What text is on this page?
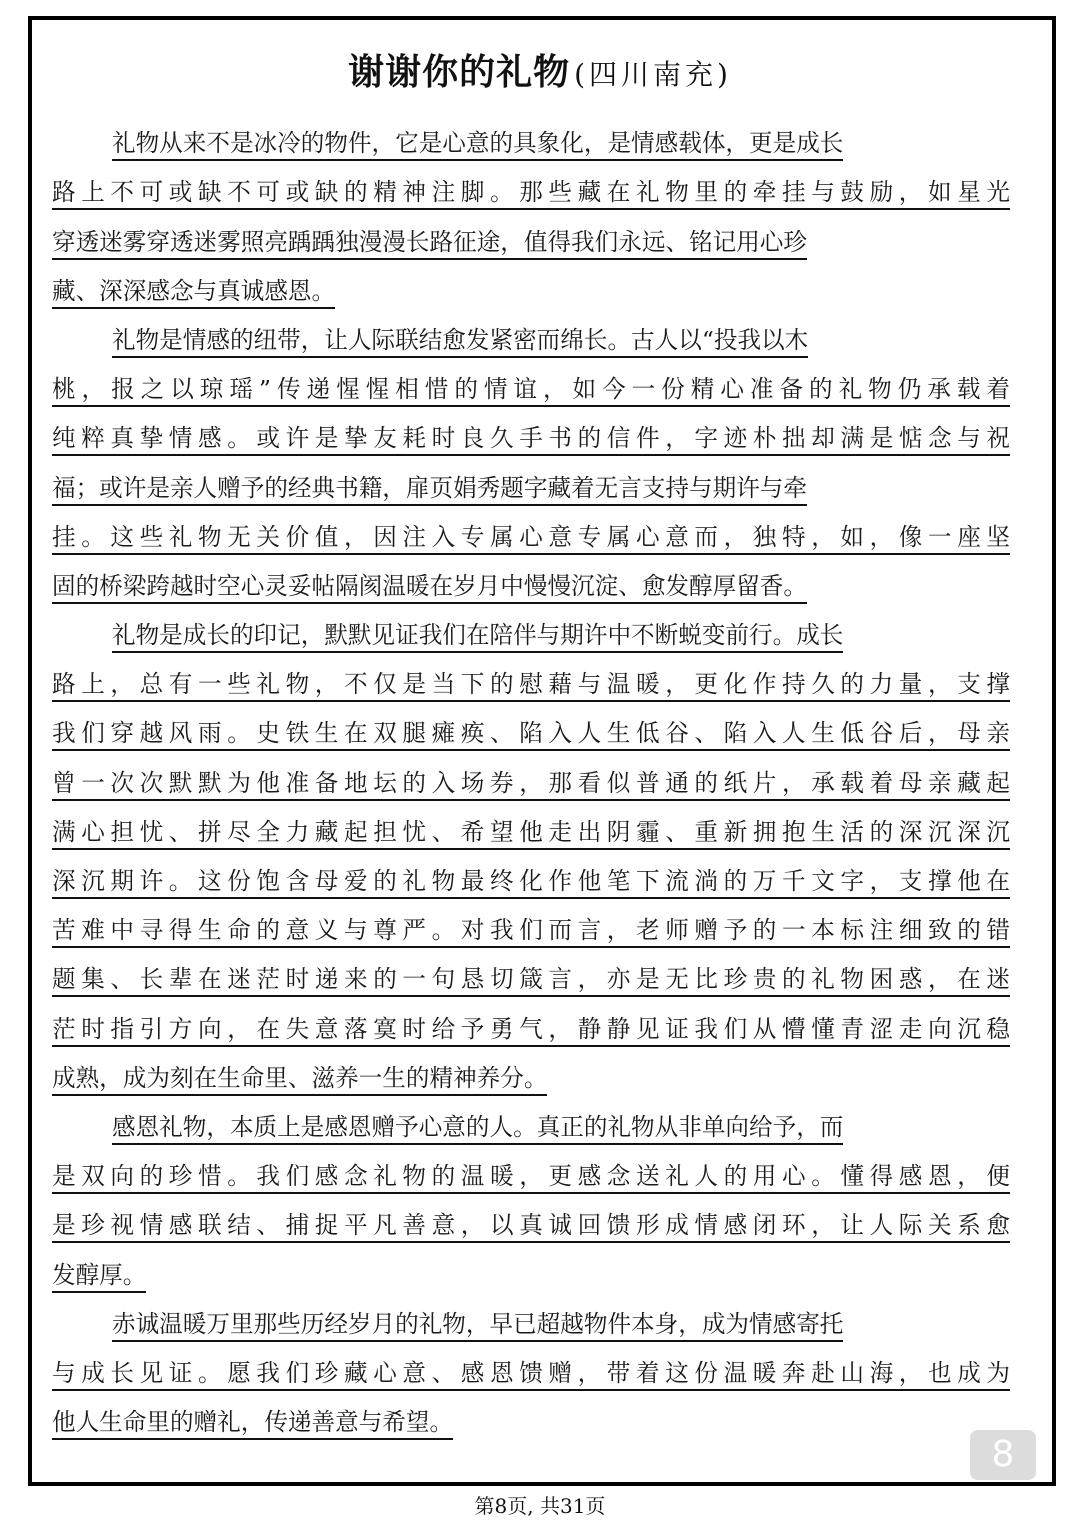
谢谢你的礼物 (四川南充)
礼物从来不是冰冷的物件，它是心意的具象化，是情感载体，更是成长
路上不可或缺不可或缺的精神注脚。那些藏在礼物里的牵挂与鼓励，如星光
穿透迷雾穿透迷雾照亮踽踽独漫漫长路征途，值得我们永远、铭记用心珍
藏、深深感念与真诚感恩。
礼物是情感的纽带，让人际联结愈发紧密而绵长。古人以“投我以木
桃，报之以琼瑶”传递惺惺相惜的情谊，如今一份精心准备的礼物仍承载着
纯粹真挚情感。或许是挚友耗时良久手书的信件，字迹朴拙却满是惦念与祝
福；或许是亲人赠予的经典书籍，扉页娟秀题字藏着无言支持与期许与牵
挂。这些礼物无关价值，因注入专属心意专属心意而，独特，如，像一座坚
固的桥梁跨越时空心灵妥帖隔阂温暖在岁月中慢慢沉淀、愈发醇厚留香。
礼物是成长的印记，默默见证我们在陪伴与期许中不断蜕变前行。成长
路上，总有一些礼物，不仅是当下的慰藉与温暖，更化作持久的力量，支撑
我们穿越风雨。史铁生在双腿瘫痪、陷入人生低谷、陷入人生低谷后，母亲
曾一次次默默为他准备地坛的入场券，那看似普通的纸片，承载着母亲藏起
满心担忧、拼尽全力藏起担忧、希望他走出阴霾、重新拥抱生活的深沉深沉
深沉期许。这份饱含母爱的礼物最终化作他笔下流淌的万千文字，支撑他在
苦难中寻得生命的意义与尊严。对我们而言，老师赠予的一本标注细致的错
题集、长辈在迷茫时递来的一句恳切箴言，亦是无比珍贵的礼物困惑，在迷
茫时指引方向，在失意落寞时给予勇气，静静见证我们从懵懂青涩走向沉稳
成熟，成为刻在生命里、滋养一生的精神养分。
感恩礼物，本质上是感恩赠予心意的人。真正的礼物从非单向给予，而
是双向的珍惜。我们感念礼物的温暖，更感念送礼人的用心。懂得感恩，便
是珍视情感联结、捕捉平凡善意，以真诚回馈形成情感闭环，让人际关系愈
发醇厚。
赤诚温暖万里那些历经岁月的礼物，早已超越物件本身，成为情感寄托
与成长见证。愿我们珍藏心意、感恩馈赠，带着这份温暖奔赴山海，也成为
他人生命里的赠礼，传递善意与希望。
8
第8页, 共31页
